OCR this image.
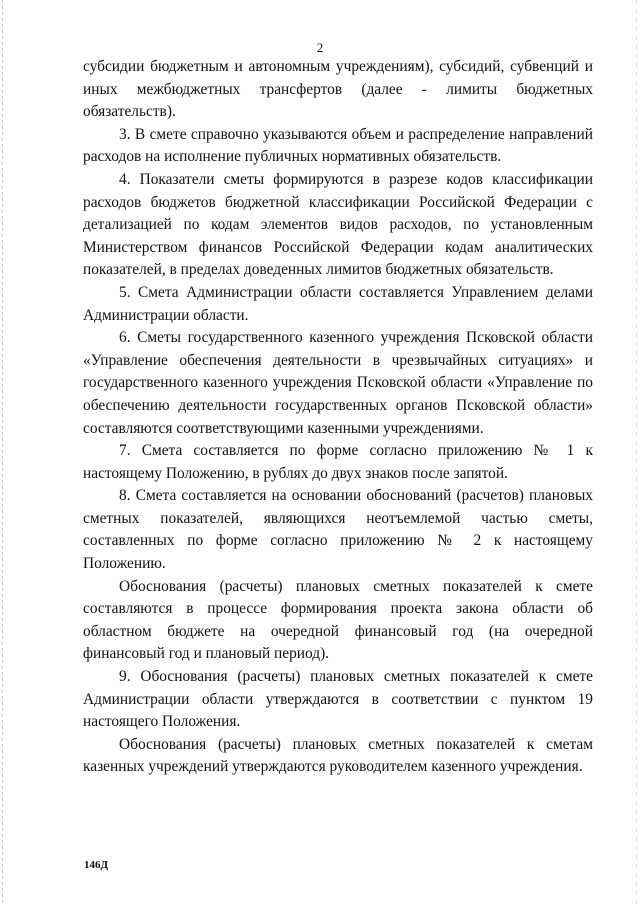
2

субсидии бюджетным и автономным учреждениям), субсидий, субвенций и иных межбюджетных трансфертов (далее - лимиты бюджетных обязательств).

3. В смете справочно указываются объем и распределение направлений расходов на исполнение публичных нормативных обязательств.

4. Показатели сметы формируются в разрезе кодов классификации расходов бюджетов бюджетной классификации Российской Федерации с детализацией по кодам элементов видов расходов, по установленным Министерством финансов Российской Федерации кодам аналитических показателей, в пределах доведенных лимитов бюджетных обязательств.

5. Смета Администрации области составляется Управлением делами Администрации области.

6. Сметы государственного казенного учреждения Псковской области «Управление обеспечения деятельности в чрезвычайных ситуациях» и государственного казенного учреждения Псковской области «Управление по обеспечению деятельности государственных органов Псковской области» составляются соответствующими казенными учреждениями.

7. Смета составляется по форме согласно приложению № 1 к настоящему Положению, в рублях до двух знаков после запятой.

8. Смета составляется на основании обоснований (расчетов) плановых сметных показателей, являющихся неотъемлемой частью сметы, составленных по форме согласно приложению № 2 к настоящему Положению.

Обоснования (расчеты) плановых сметных показателей к смете составляются в процессе формирования проекта закона области об областном бюджете на очередной финансовый год (на очередной финансовый год и плановый период).

9. Обоснования (расчеты) плановых сметных показателей к смете Администрации области утверждаются в соответствии с пунктом 19 настоящего Положения.

Обоснования (расчеты) плановых сметных показателей к сметам казенных учреждений утверждаются руководителем казенного учреждения.

146Д
